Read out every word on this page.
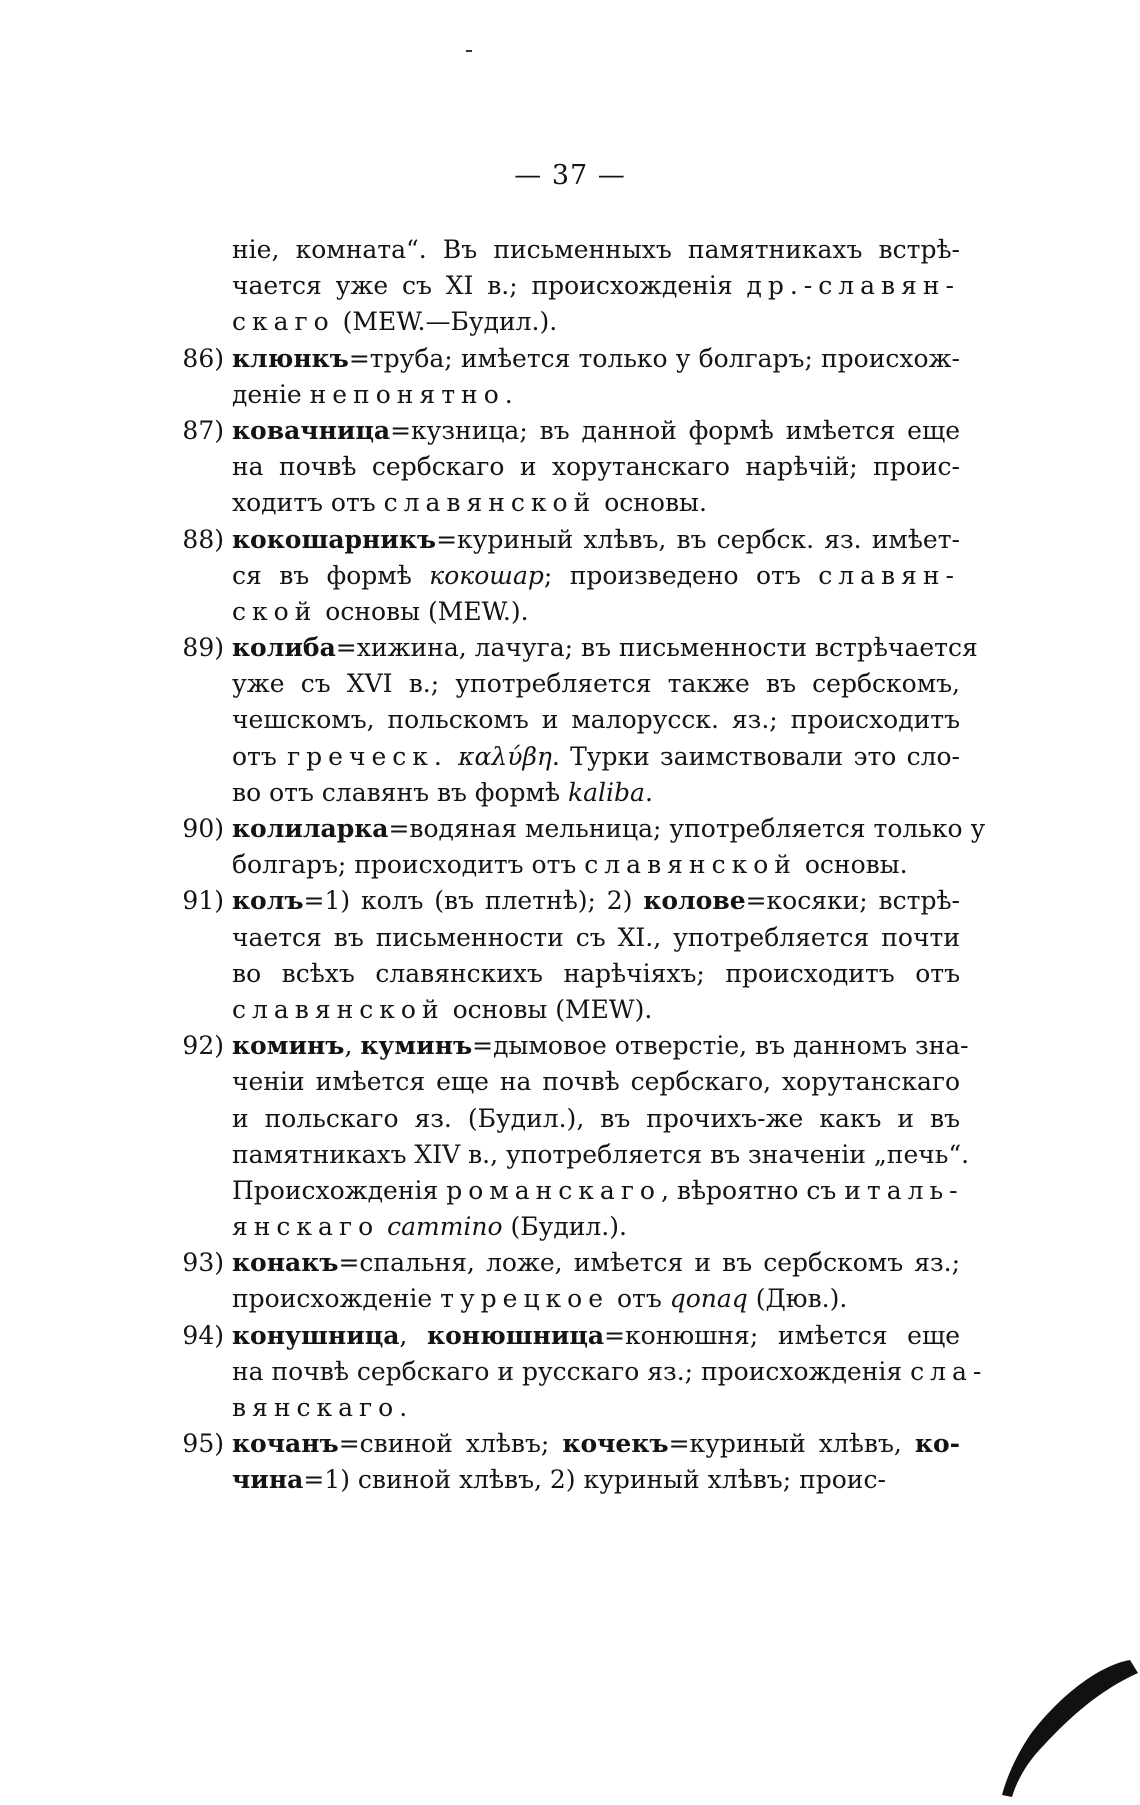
— 37 —
ніе, комната“. Въ письменныхъ памятникахъ встрѣ-
чается уже съ XI в.; происхожденія др.-славян-
скаго (MEW.—Будил.).
86) клюнкъ=труба; имѣется только у болгаръ; происхож-
деніе непонятно.
87) ковачница=кузница; въ данной формѣ имѣется еще
на почвѣ сербскаго и хорутанскаго нарѣчій; проис-
ходитъ отъ славянской основы.
88) кокошарникъ=куриный хлѣвъ, въ сербск. яз. имѣет-
ся въ формѣ кокошар; произведено отъ славян-
ской основы (MEW.).
89) колиба=хижина, лачуга; въ письменности встрѣчается
уже съ XVI в.; употребляется также въ сербскомъ,
чешскомъ, польскомъ и малорусск. яз.; происходитъ
отъ греческ. καλύβη. Турки заимствовали это сло-
во отъ славянъ въ формѣ kaliba.
90) колиларка=водяная мельница; употребляется только у
болгаръ; происходитъ отъ славянской основы.
91) колъ=1) колъ (въ плетнѣ); 2) колове=косяки; встрѣ-
чается въ письменности съ XI., употребляется почти
во всѣхъ славянскихъ нарѣчіяхъ; происходитъ отъ
славянской основы (MEW).
92) коминъ, куминъ=дымовое отверстіе, въ данномъ зна-
ченіи имѣется еще на почвѣ сербскаго, хорутанскаго
и польскаго яз. (Будил.), въ прочихъ-же какъ и въ
памятникахъ XIV в., употребляется въ значеніи „печь“.
Происхожденія романскаго, вѣроятно съ италь-
янскаго cammino (Будил.).
93) конакъ=спальня, ложе, имѣется и въ сербскомъ яз.;
происхожденіе турецкое отъ qonaq (Дюв.).
94) конушница, конюшница=конюшня; имѣется еще
на почвѣ сербскаго и русскаго яз.; происхожденія сла-
вянскаго.
95) кочанъ=свиной хлѣвъ; кочекъ=куриный хлѣвъ, ко-
чина=1) свиной хлѣвъ, 2) куриный хлѣвъ; проис-
